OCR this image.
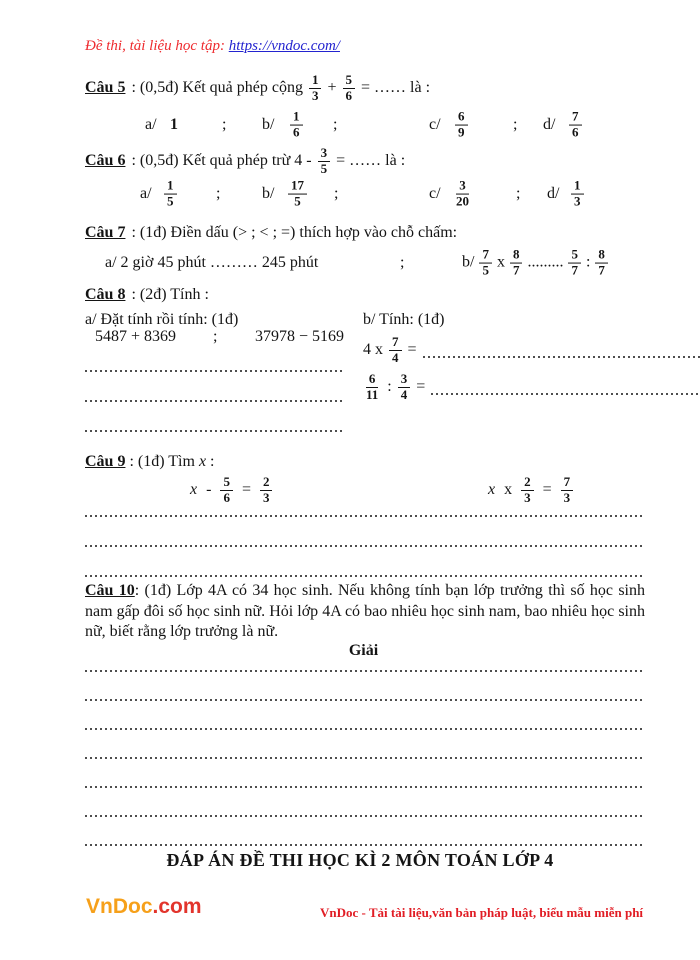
Đề thi, tài liệu học tập: https://vndoc.com/
Câu 5 : (0,5đ) Kết quả phép cộng $\frac{1}{3} + \frac{5}{6}$ = …… là :
a/ 1	; $b/ \frac{1}{6}$ ;	$c/ \frac{6}{9}$	; $d/ \frac{7}{6}$
Câu 6 : (0,5đ) Kết quả phép trừ $4 - \frac{3}{5}$ = …… là :
$a/ \frac{1}{5}$ ;	$b/ \frac{17}{5}$ ;	$c/ \frac{3}{20}$	; $d/ \frac{1}{3}$
Câu 7 : (1đ) Điền dấu (> ; < ; =) thích hợp vào chỗ chấm:
a/ 2 giờ 45 phút ……… 245 phút	;	$b/ \frac{7}{5}$ x $\frac{8}{7}$ ......... $\frac{5}{7}$ : $\frac{8}{7}$
Câu 8 : (2đ) Tính :
a/ Đặt tính rồi tính: (1đ)
5487 + 8369 ; 37978 − 5169
b/ Tính: (1đ)
4 x $\frac{7}{4}$ =
$\frac{6}{11}$ : $\frac{3}{4}$ =
Câu 9 : (1đ) Tìm x :
$x - \frac{5}{6} = \frac{2}{3}$	x x $\frac{2}{3} = \frac{7}{3}$
Câu 10: (1đ) Lớp 4A có 34 học sinh. Nếu không tính bạn lớp trưởng thì số học sinh nam gấp đôi số học sinh nữ. Hỏi lớp 4A có bao nhiêu học sinh nam, bao nhiêu học sinh nữ, biết rằng lớp trưởng là nữ.
Giải
ĐÁP ÁN ĐỀ THI HỌC KÌ 2 MÔN TOÁN LỚP 4
VnDoc.com	VnDoc - Tải tài liệu,văn bản pháp luật, biểu mẫu miễn phí
